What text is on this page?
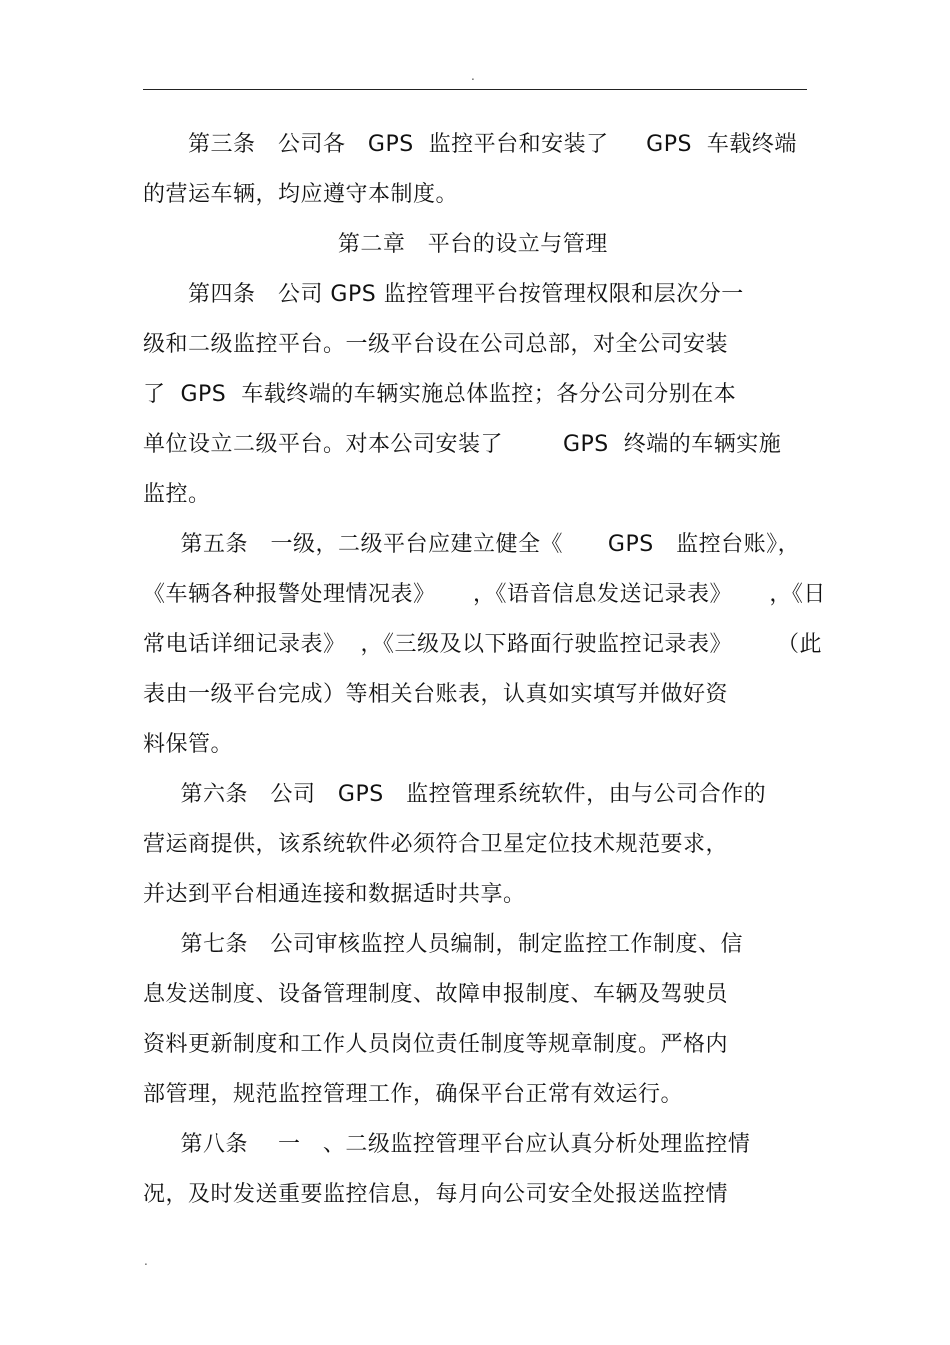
.
第三条   公司各   GPS  监控平台和安装了     GPS  车载终端
的营运车辆，均应遵守本制度。
第二章   平台的设立与管理
第四条   公司 GPS 监控管理平台按管理权限和层次分一
级和二级监控平台。一级平台设在公司总部，对全公司安装
了  GPS  车载终端的车辆实施总体监控；各分公司分别在本
单位设立二级平台。对本公司安装了        GPS  终端的车辆实施
监控。
第五条   一级，二级平台应建立健全《      GPS   监控台账》，
《车辆各种报警处理情况表》     ，《语音信息发送记录表》     ，《日
常电话详细记录表》  ，《三级及以下路面行驶监控记录表》      （此
表由一级平台完成）等相关台账表，认真如实填写并做好资
料保管。
第六条   公司   GPS   监控管理系统软件，由与公司合作的
营运商提供，该系统软件必须符合卫星定位技术规范要求，
并达到平台相通连接和数据适时共享。
第七条   公司审核监控人员编制，制定监控工作制度、信
息发送制度、设备管理制度、故障申报制度、车辆及驾驶员
资料更新制度和工作人员岗位责任制度等规章制度。严格内
部管理，规范监控管理工作，确保平台正常有效运行。
第八条    一   、二级监控管理平台应认真分析处理监控情
况，及时发送重要监控信息，每月向公司安全处报送监控情
.
